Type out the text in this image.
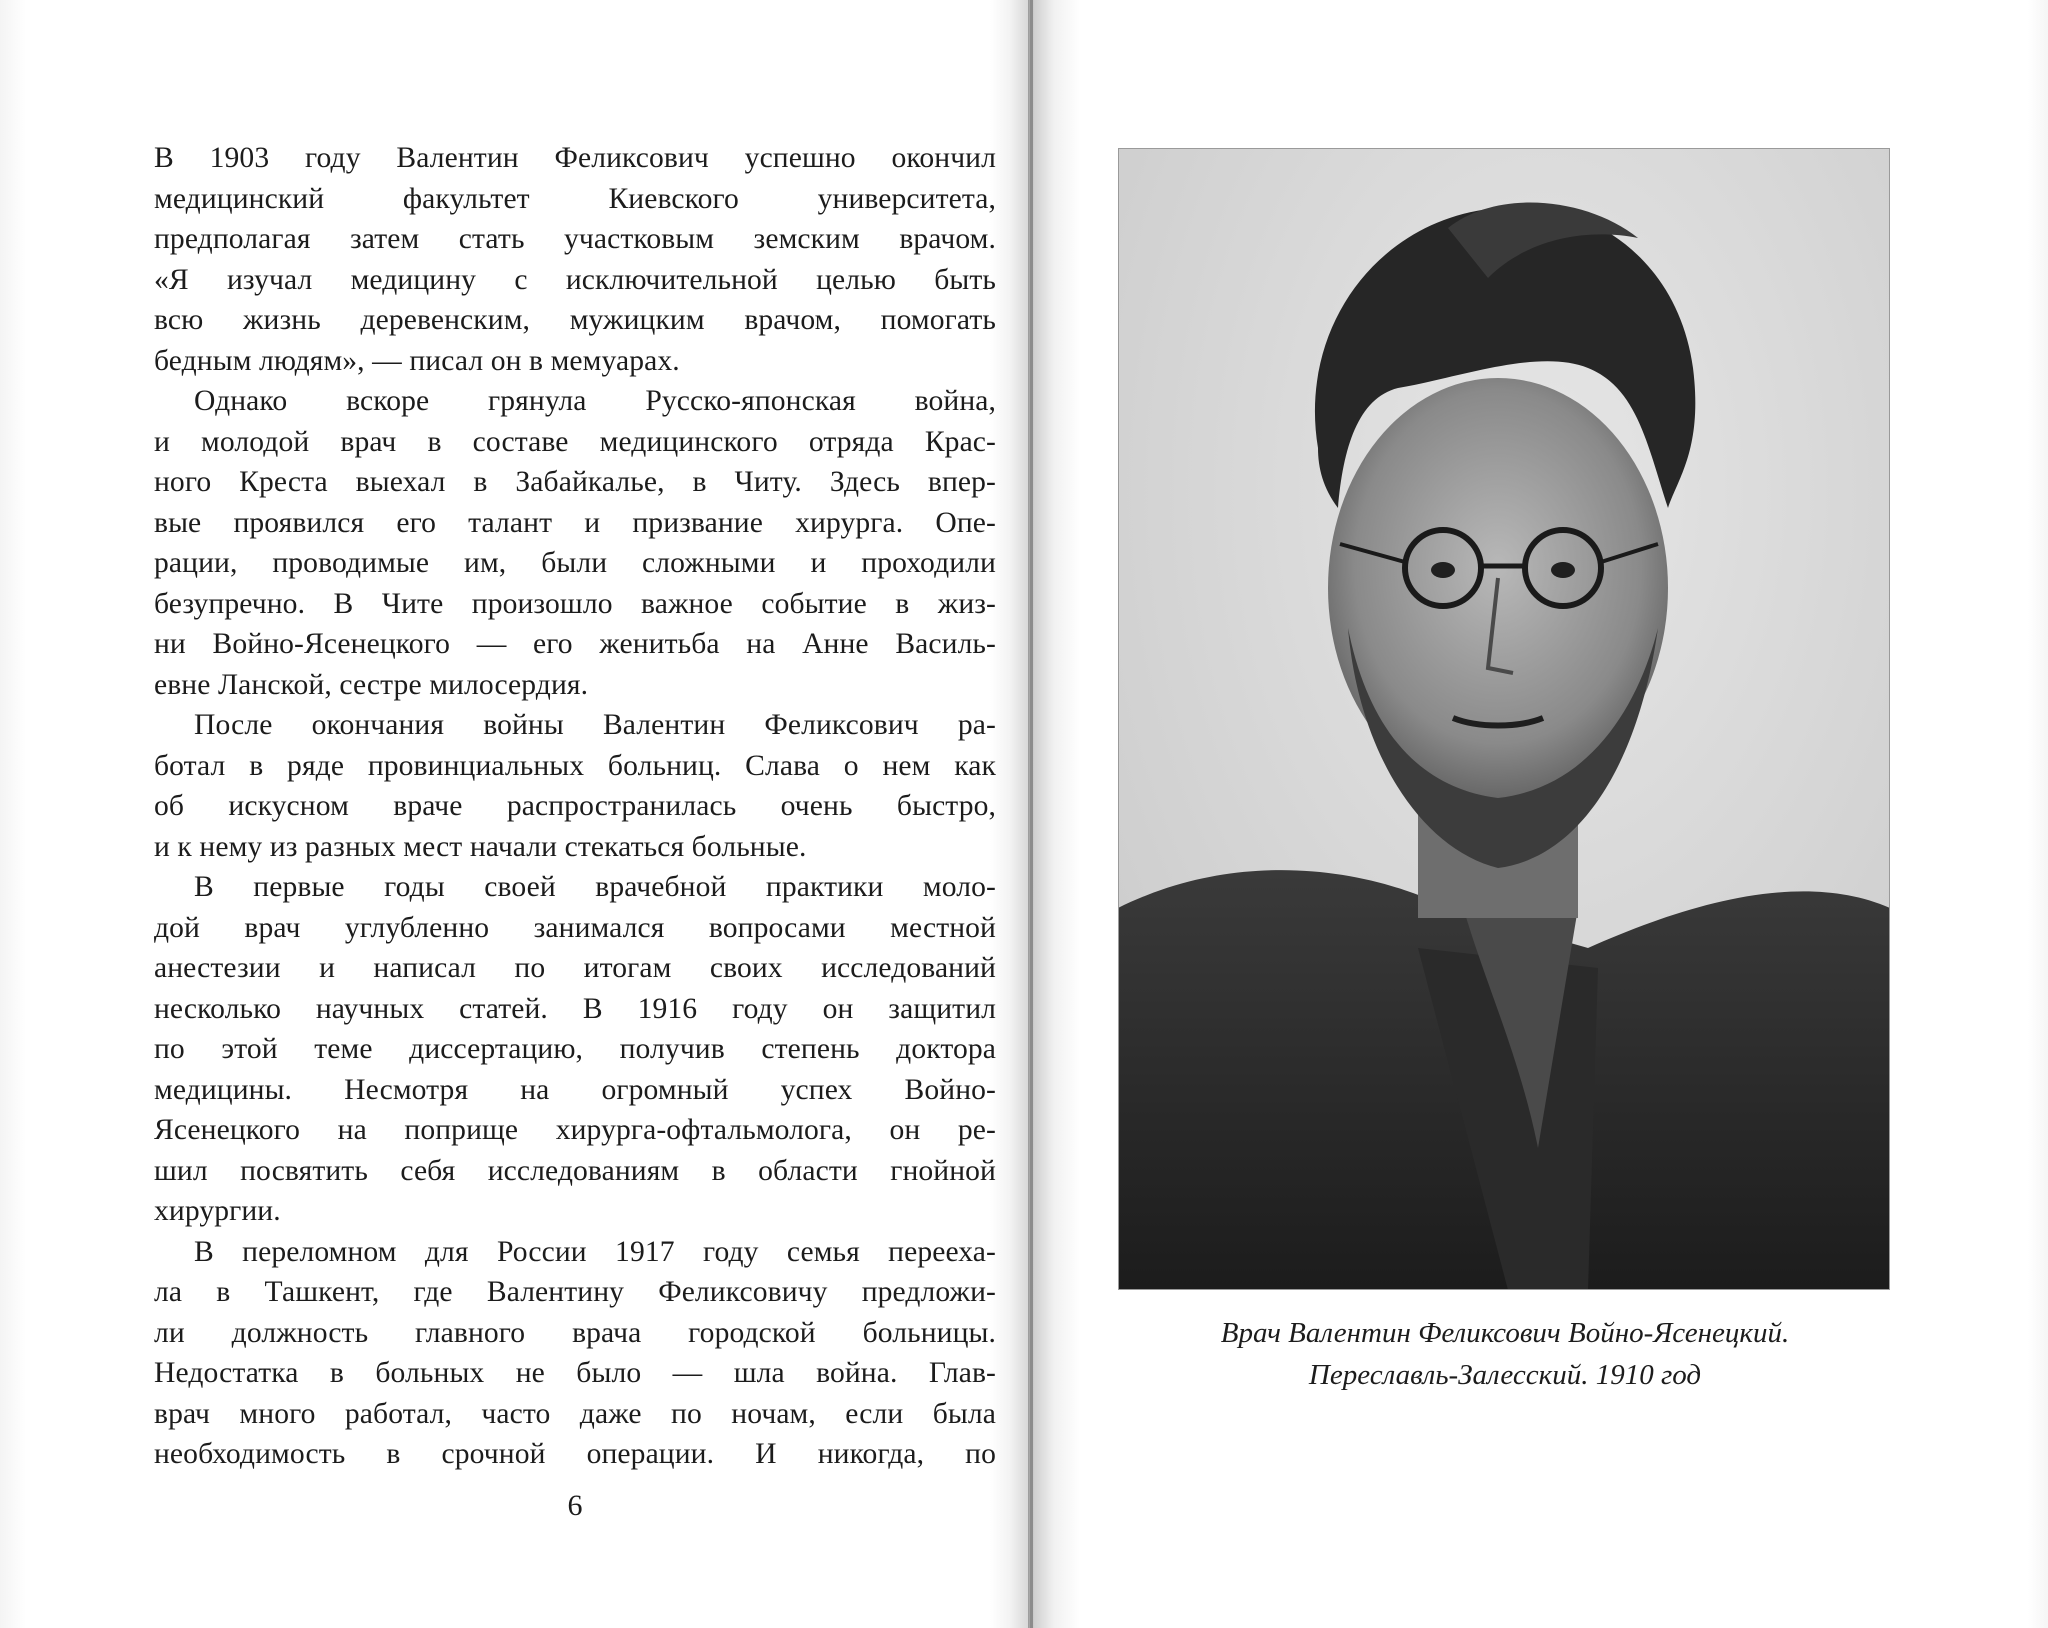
В 1903 году Валентин Феликсович успешно окончил
медицинский факультет Киевского университета,
предполагая затем стать участковым земским врачом.
«Я изучал медицину с исключительной целью быть
всю жизнь деревенским, мужицким врачом, помогать
бедным людям», — писал он в мемуарах.

Однако вскоре грянула Русско-японская война,
и молодой врач в составе медицинского отряда Крас-
ного Креста выехал в Забайкалье, в Читу. Здесь впер-
вые проявился его талант и призвание хирурга. Опе-
рации, проводимые им, были сложными и проходили
безупречно. В Чите произошло важное событие в жиз-
ни Войно-Ясенецкого — его женитьба на Анне Василь-
евне Ланской, сестре милосердия.

После окончания войны Валентин Феликсович ра-
ботал в ряде провинциальных больниц. Слава о нем как
об искусном враче распространилась очень быстро,
и к нему из разных мест начали стекаться больные.

В первые годы своей врачебной практики моло-
дой врач углубленно занимался вопросами местной
анестезии и написал по итогам своих исследований
несколько научных статей. В 1916 году он защитил
по этой теме диссертацию, получив степень доктора
медицины. Несмотря на огромный успех Войно-
Ясенецкого на поприще хирурга-офтальмолога, он ре-
шил посвятить себя исследованиям в области гнойной
хирургии.

В переломном для России 1917 году семья перееха-
ла в Ташкент, где Валентину Феликсовичу предложи-
ли должность главного врача городской больницы.
Недостатка в больных не было — шла война. Глав-
врач много работал, часто даже по ночам, если была
необходимость в срочной операции. И никогда, по

6
Врач Валентин Феликсович Войно-Ясенецкий.
Переславль-Залесский. 1910 год
